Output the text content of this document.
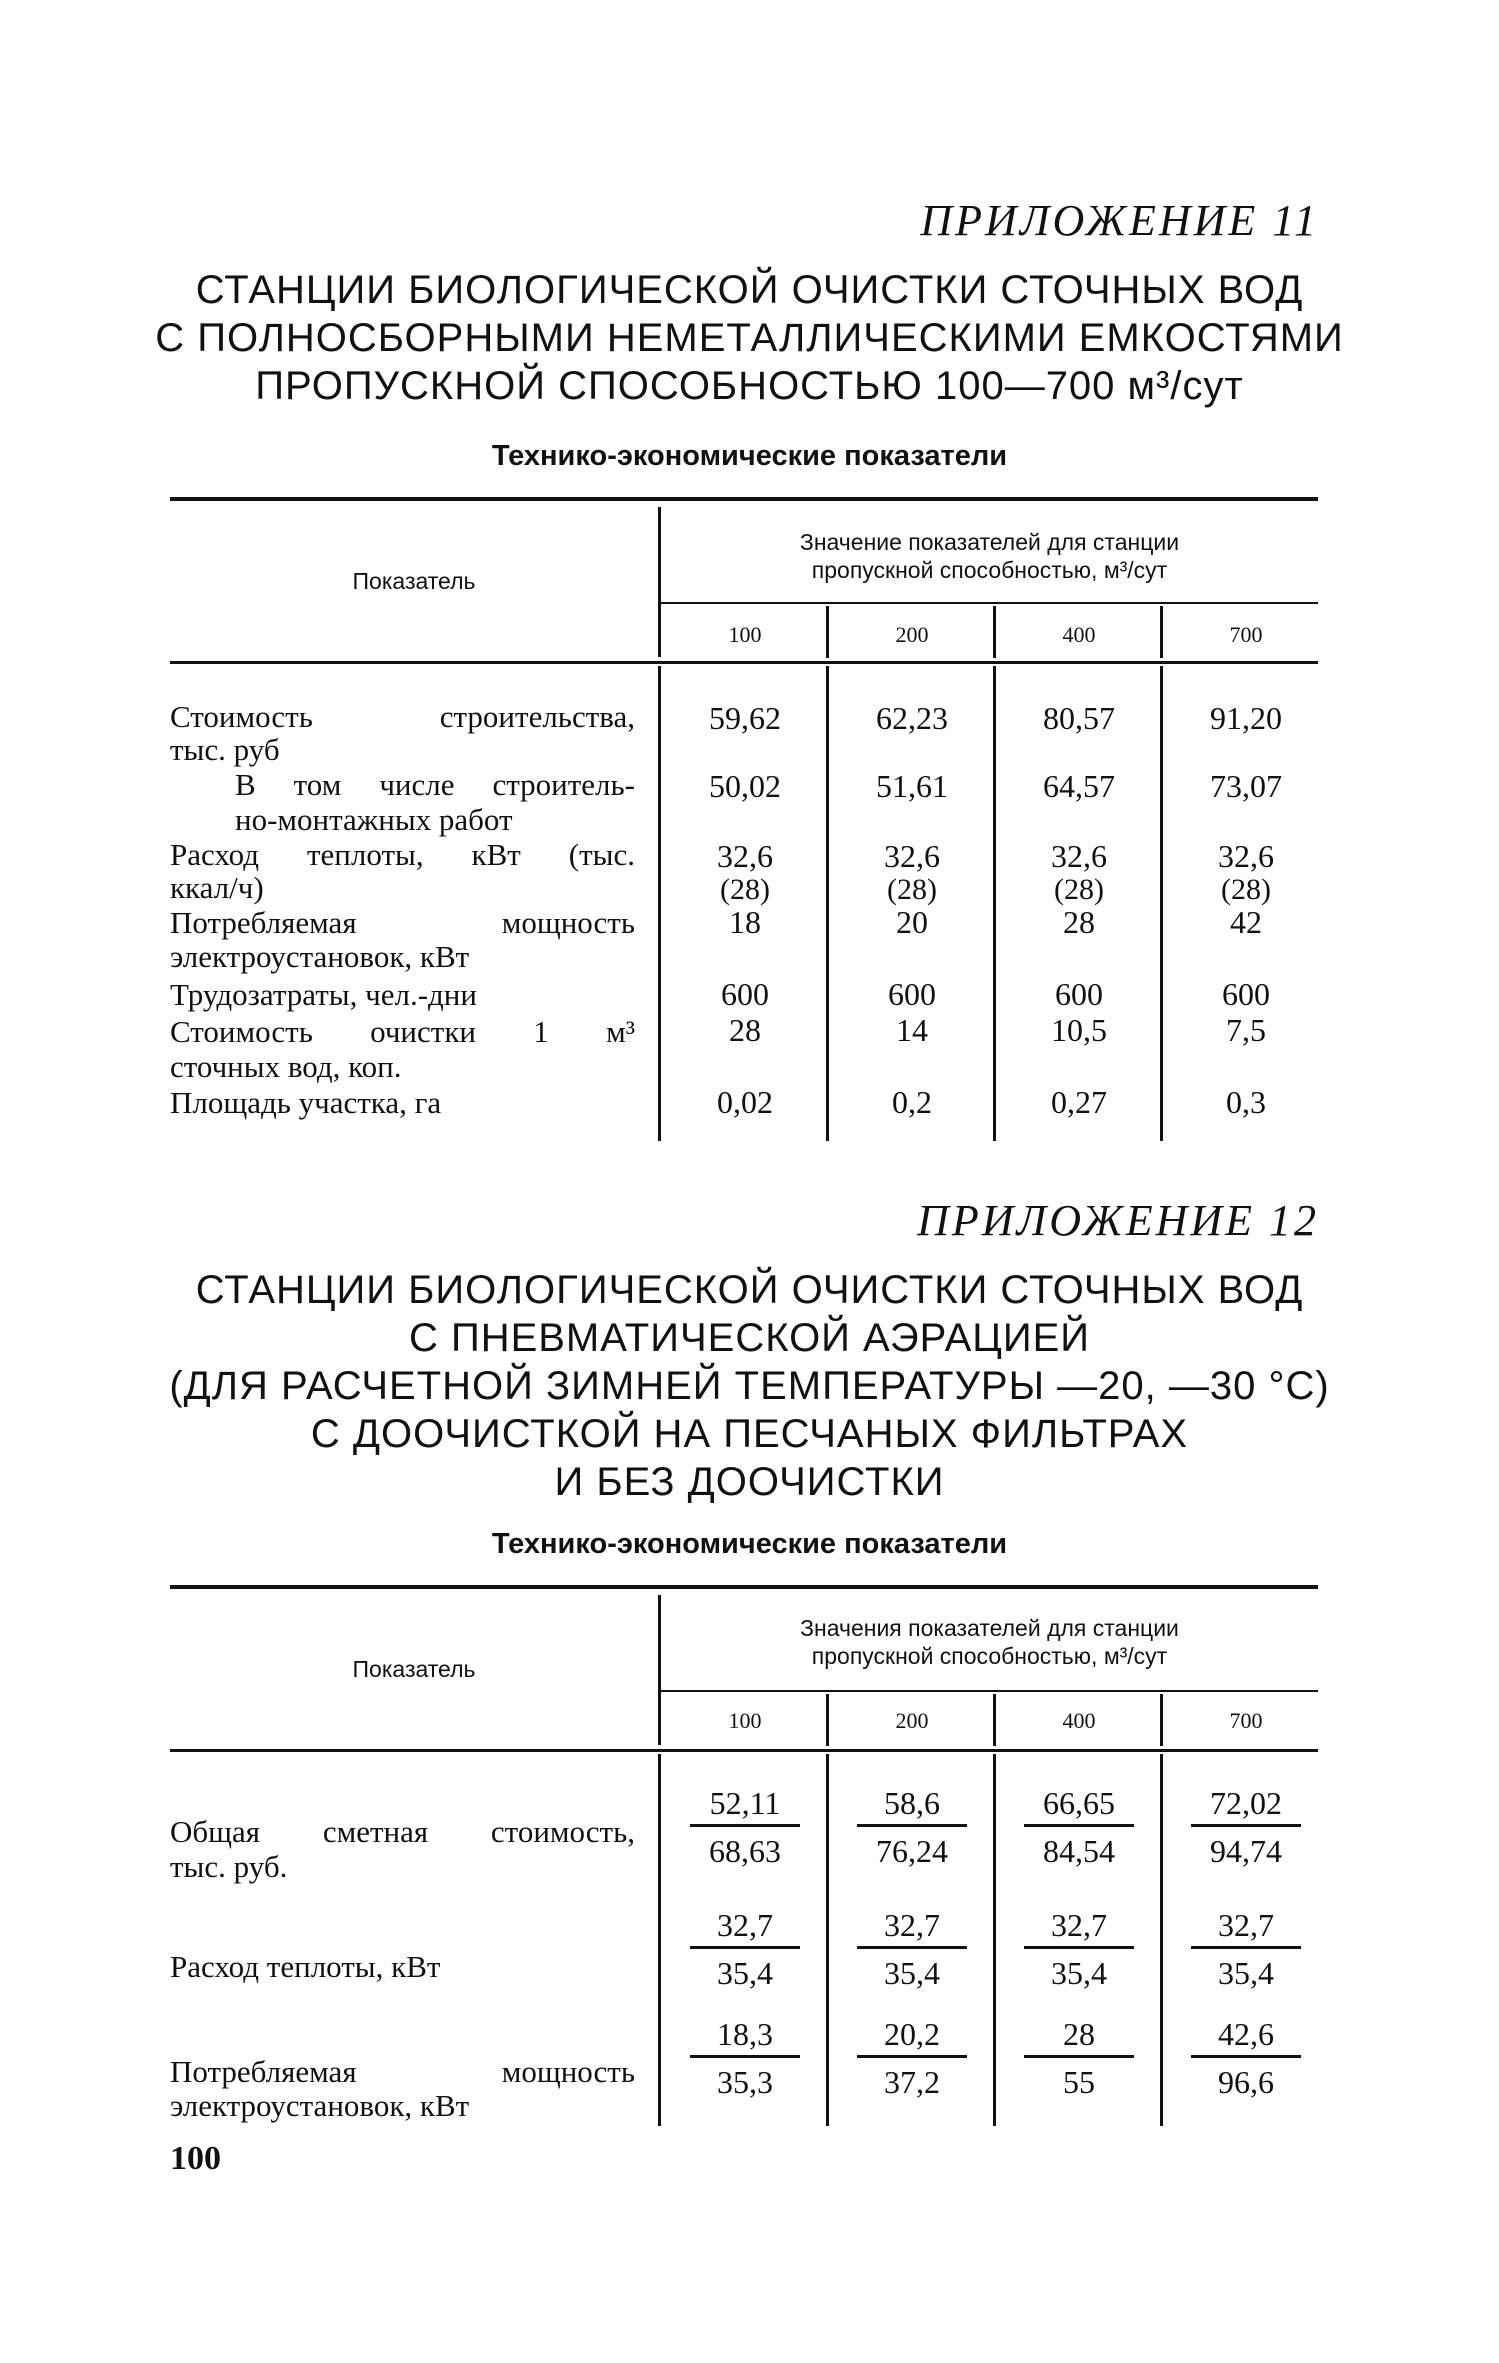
ПРИЛОЖЕНИЕ 11
СТАНЦИИ БИОЛОГИЧЕСКОЙ ОЧИСТКИ СТОЧНЫХ ВОД
С ПОЛНОСБОРНЫМИ НЕМЕТАЛЛИЧЕСКИМИ ЕМКОСТЯМИ
ПРОПУСКНОЙ СПОСОБНОСТЬЮ 100—700 м³/сут
Технико-экономические показатели
Показатель
Значение показателей для станции
пропускной способностью, м³/сут
100	200	400	700
Стоимость строительства,
тыс. руб
59,62	62,23	80,57	91,20
В том числе строитель-
но-монтажных работ
50,02	51,61	64,57	73,07
Расход теплоты, кВт (тыс.
ккал/ч)
32,6	32,6	32,6	32,6
(28)	(28)	(28)	(28)
Потребляемая мощность
электроустановок, кВт
18	20	28	42
Трудозатраты, чел.-дни	600	600	600	600
Стоимость очистки 1 м³
сточных вод, коп.
28	14	10,5	7,5
Площадь участка, га	0,02	0,2	0,27	0,3
ПРИЛОЖЕНИЕ 12
СТАНЦИИ БИОЛОГИЧЕСКОЙ ОЧИСТКИ СТОЧНЫХ ВОД
С ПНЕВМАТИЧЕСКОЙ АЭРАЦИЕЙ
(ДЛЯ РАСЧЕТНОЙ ЗИМНЕЙ ТЕМПЕРАТУРЫ —20, —30 °С)
С ДООЧИСТКОЙ НА ПЕСЧАНЫХ ФИЛЬТРАХ
И БЕЗ ДООЧИСТКИ
Технико-экономические показатели
Показатель
Значения показателей для станции
пропускной способностью, м³/сут
100	200	400	700
Общая сметная стоимость,
тыс. руб.	$\frac{52,11}{68,63} \frac{58,6}{76,24} \frac{66,65}{84,54} \frac{72,02}{94,74}$
Расход теплоты, кВт	$\frac{32,7}{35,4} \frac{32,7}{35,4} \frac{32,7}{35,4} \frac{32,7}{35,4}$
Потребляемая мощность
электроустановок, кВт
$\frac{18,3}{35,3} \frac{20,2}{37,2} \frac{28}{55} \frac{42,6}{96,6}$
100
